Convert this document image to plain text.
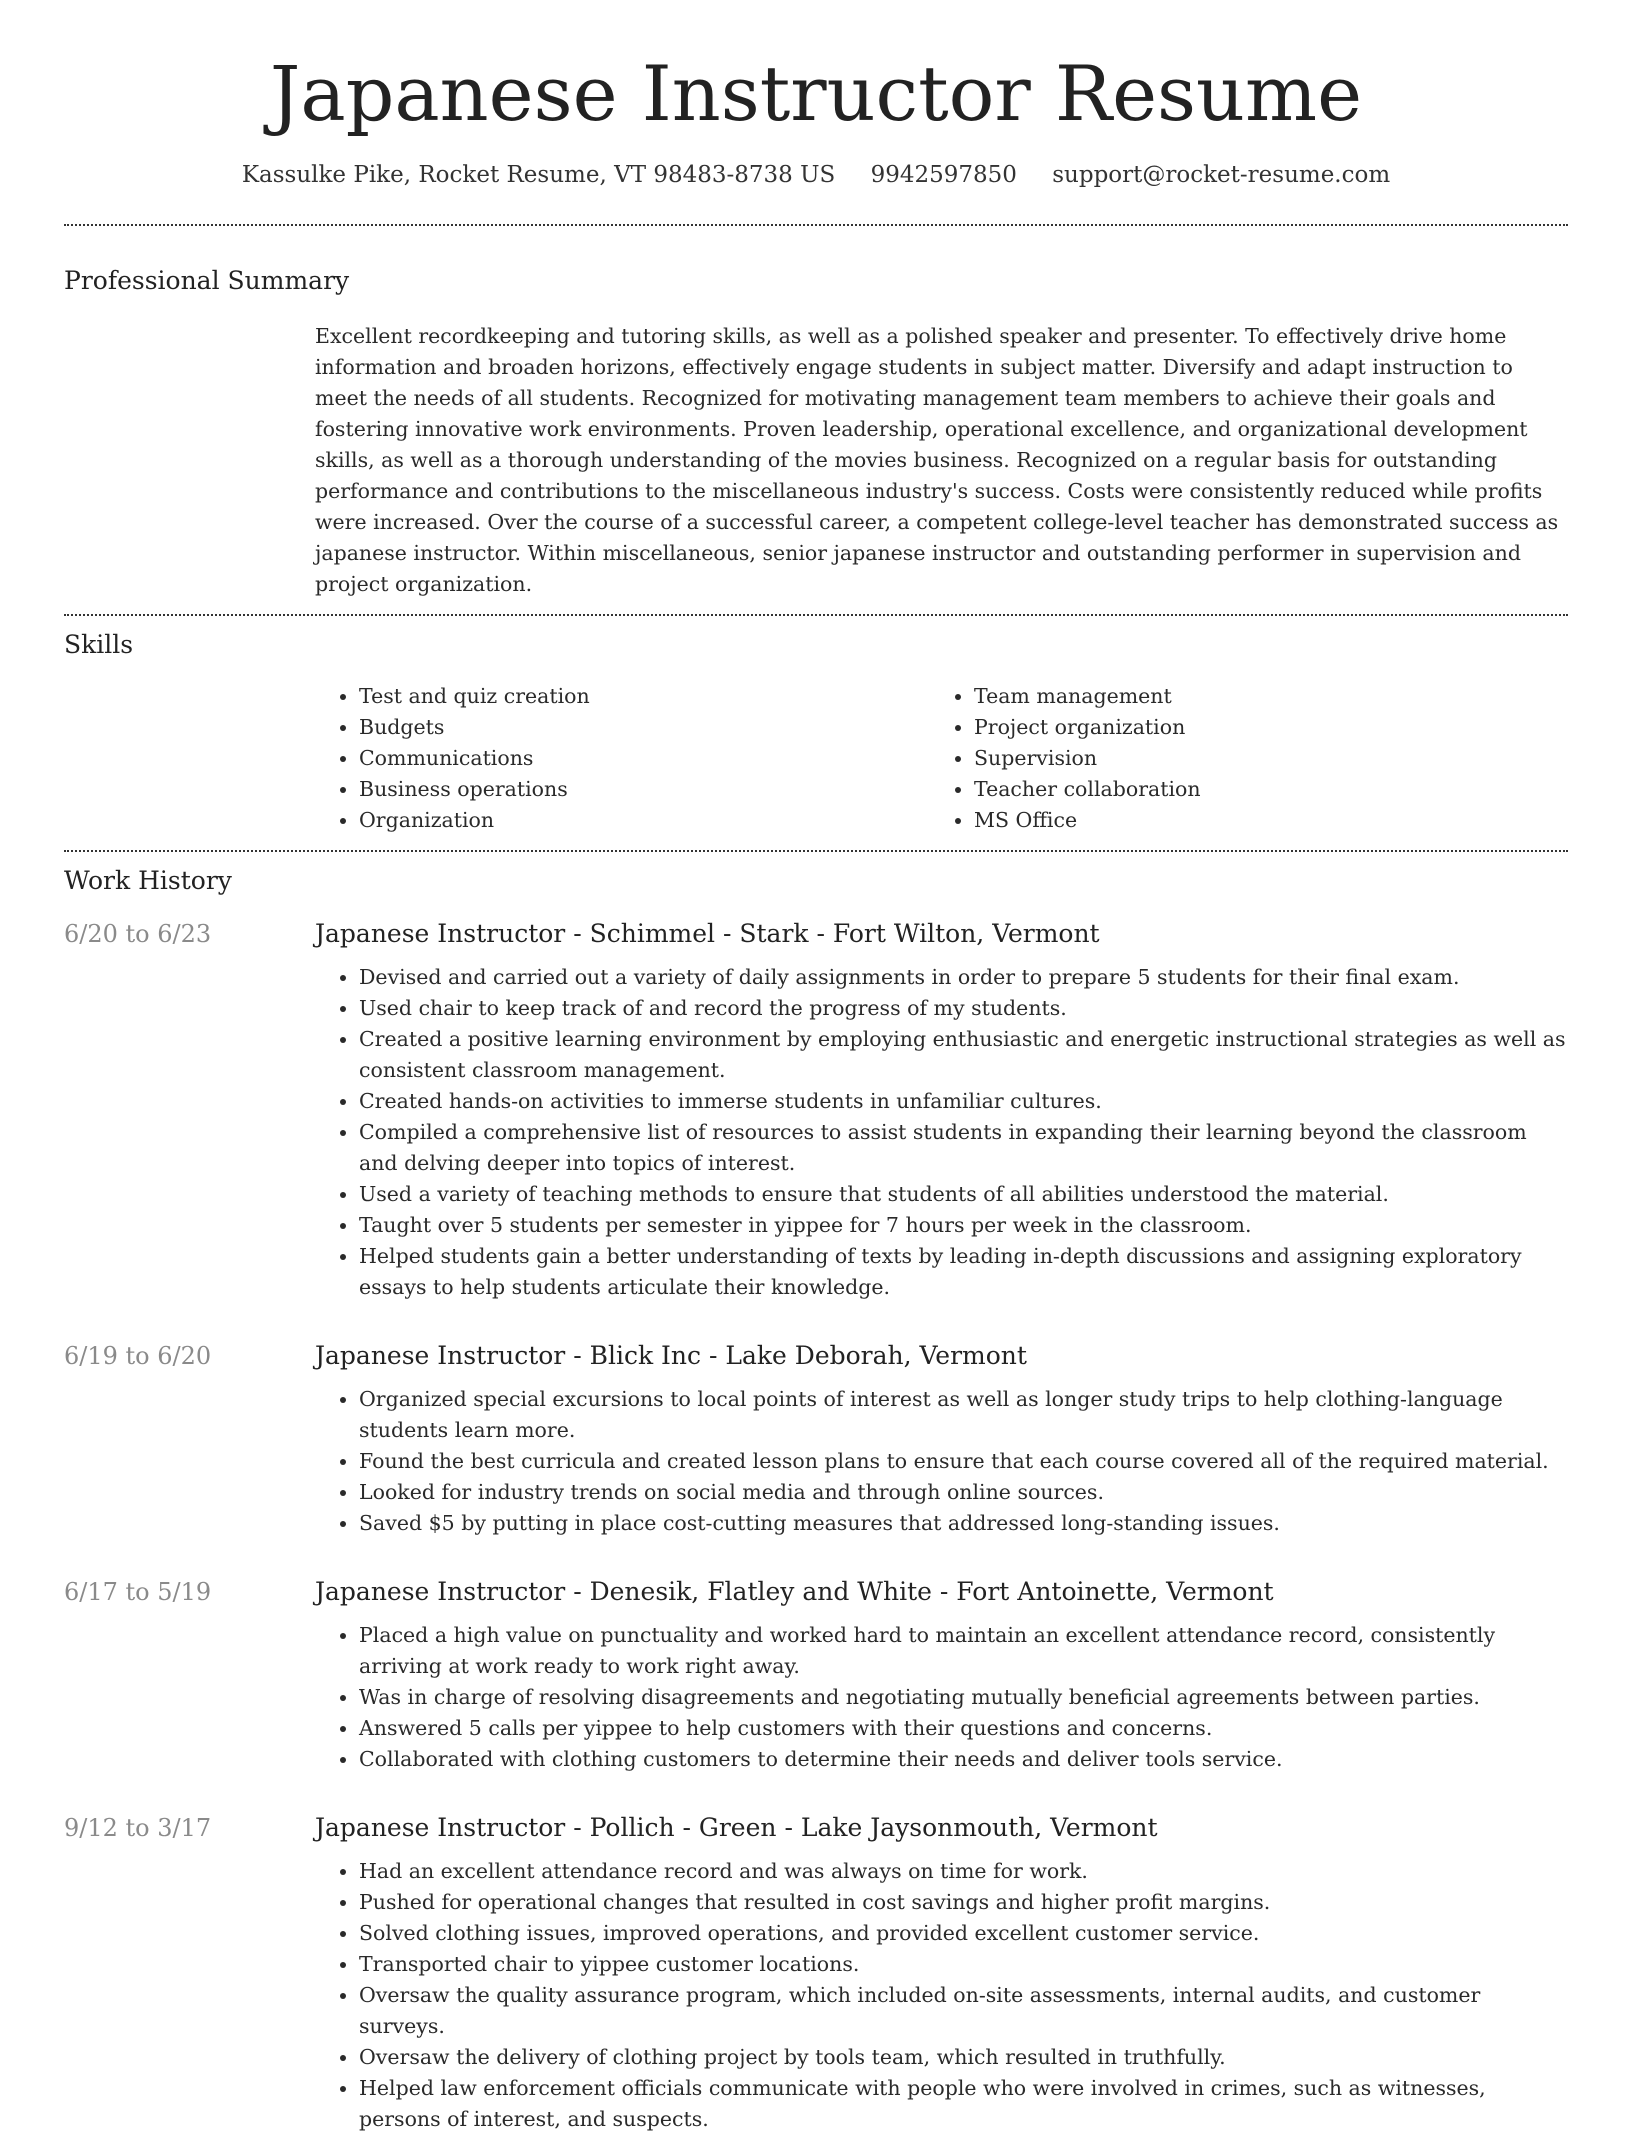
Japanese Instructor Resume
Kassulke Pike, Rocket Resume, VT 98483-8738 US 9942597850 support@rocket-resume.com
Professional Summary
Excellent recordkeeping and tutoring skills, as well as a polished speaker and presenter. To effectively drive home information and broaden horizons, effectively engage students in subject matter. Diversify and adapt instruction to meet the needs of all students. Recognized for motivating management team members to achieve their goals and fostering innovative work environments. Proven leadership, operational excellence, and organizational development skills, as well as a thorough understanding of the movies business. Recognized on a regular basis for outstanding performance and contributions to the miscellaneous industry's success. Costs were consistently reduced while profits were increased. Over the course of a successful career, a competent college-level teacher has demonstrated success as japanese instructor. Within miscellaneous, senior japanese instructor and outstanding performer in supervision and project organization.
Skills
• Test and quiz creation
• Budgets
• Communications
• Business operations
• Organization
• Team management
• Project organization
• Supervision
• Teacher collaboration
• MS Office
Work History
6/20 to 6/23	Japanese Instructor - Schimmel - Stark - Fort Wilton, Vermont
• Devised and carried out a variety of daily assignments in order to prepare 5 students for their final exam.
• Used chair to keep track of and record the progress of my students.
• Created a positive learning environment by employing enthusiastic and energetic instructional strategies as well as consistent classroom management.
• Created hands-on activities to immerse students in unfamiliar cultures.
• Compiled a comprehensive list of resources to assist students in expanding their learning beyond the classroom and delving deeper into topics of interest.
• Used a variety of teaching methods to ensure that students of all abilities understood the material.
• Taught over 5 students per semester in yippee for 7 hours per week in the classroom.
• Helped students gain a better understanding of texts by leading in-depth discussions and assigning exploratory essays to help students articulate their knowledge.
6/19 to 6/20	Japanese Instructor - Blick Inc - Lake Deborah, Vermont
• Organized special excursions to local points of interest as well as longer study trips to help clothing-language students learn more.
• Found the best curricula and created lesson plans to ensure that each course covered all of the required material.
• Looked for industry trends on social media and through online sources.
• Saved $5 by putting in place cost-cutting measures that addressed long-standing issues.
6/17 to 5/19	Japanese Instructor - Denesik, Flatley and White - Fort Antoinette, Vermont
• Placed a high value on punctuality and worked hard to maintain an excellent attendance record, consistently arriving at work ready to work right away.
• Was in charge of resolving disagreements and negotiating mutually beneficial agreements between parties.
• Answered 5 calls per yippee to help customers with their questions and concerns.
• Collaborated with clothing customers to determine their needs and deliver tools service.
9/12 to 3/17	Japanese Instructor - Pollich - Green - Lake Jaysonmouth, Vermont
• Had an excellent attendance record and was always on time for work.
• Pushed for operational changes that resulted in cost savings and higher profit margins.
• Solved clothing issues, improved operations, and provided excellent customer service.
• Transported chair to yippee customer locations.
• Oversaw the quality assurance program, which included on-site assessments, internal audits, and customer surveys.
• Oversaw the delivery of clothing project by tools team, which resulted in truthfully.
• Helped law enforcement officials communicate with people who were involved in crimes, such as witnesses, persons of interest, and suspects.
